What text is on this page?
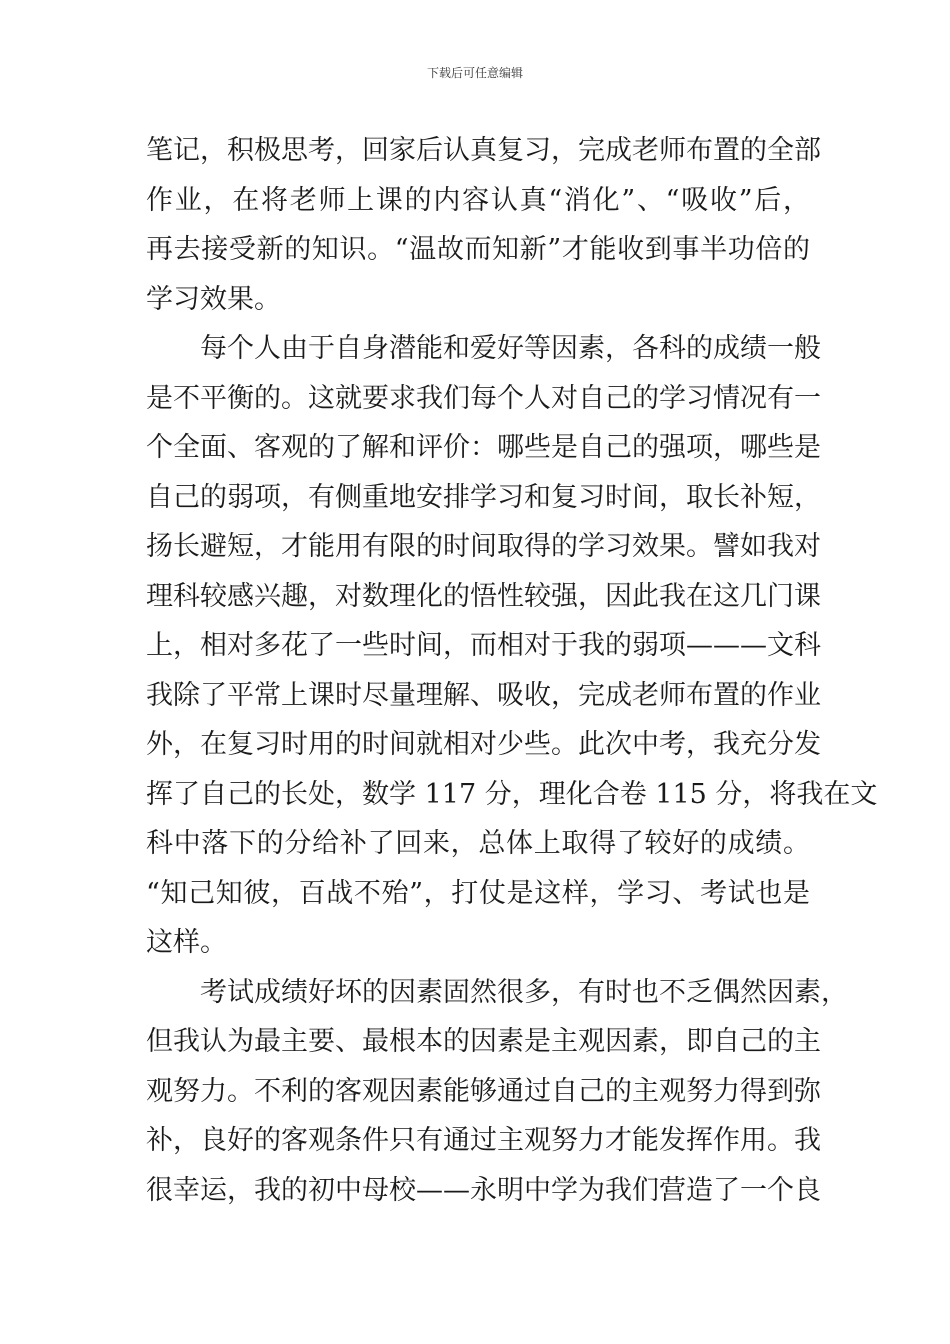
下载后可任意编辑
笔记，积极思考，回家后认真复习，完成老师布置的全部
作业，在将老师上课的内容认真“消化”、“吸收”后，
再去接受新的知识。“温故而知新”才能收到事半功倍的
学习效果。
每个人由于自身潜能和爱好等因素，各科的成绩一般
是不平衡的。这就要求我们每个人对自己的学习情况有一
个全面、客观的了解和评价：哪些是自己的强项，哪些是
自己的弱项，有侧重地安排学习和复习时间，取长补短，
扬长避短，才能用有限的时间取得的学习效果。譬如我对
理科较感兴趣，对数理化的悟性较强，因此我在这几门课
上，相对多花了一些时间，而相对于我的弱项———文科
我除了平常上课时尽量理解、吸收，完成老师布置的作业
外，在复习时用的时间就相对少些。此次中考，我充分发
挥了自己的长处，数学 117 分，理化合卷 115 分，将我在文
科中落下的分给补了回来，总体上取得了较好的成绩。
“知己知彼，百战不殆”，打仗是这样，学习、考试也是
这样。
考试成绩好坏的因素固然很多，有时也不乏偶然因素，
但我认为最主要、最根本的因素是主观因素，即自己的主
观努力。不利的客观因素能够通过自己的主观努力得到弥
补，良好的客观条件只有通过主观努力才能发挥作用。我
很幸运，我的初中母校——永明中学为我们营造了一个良
